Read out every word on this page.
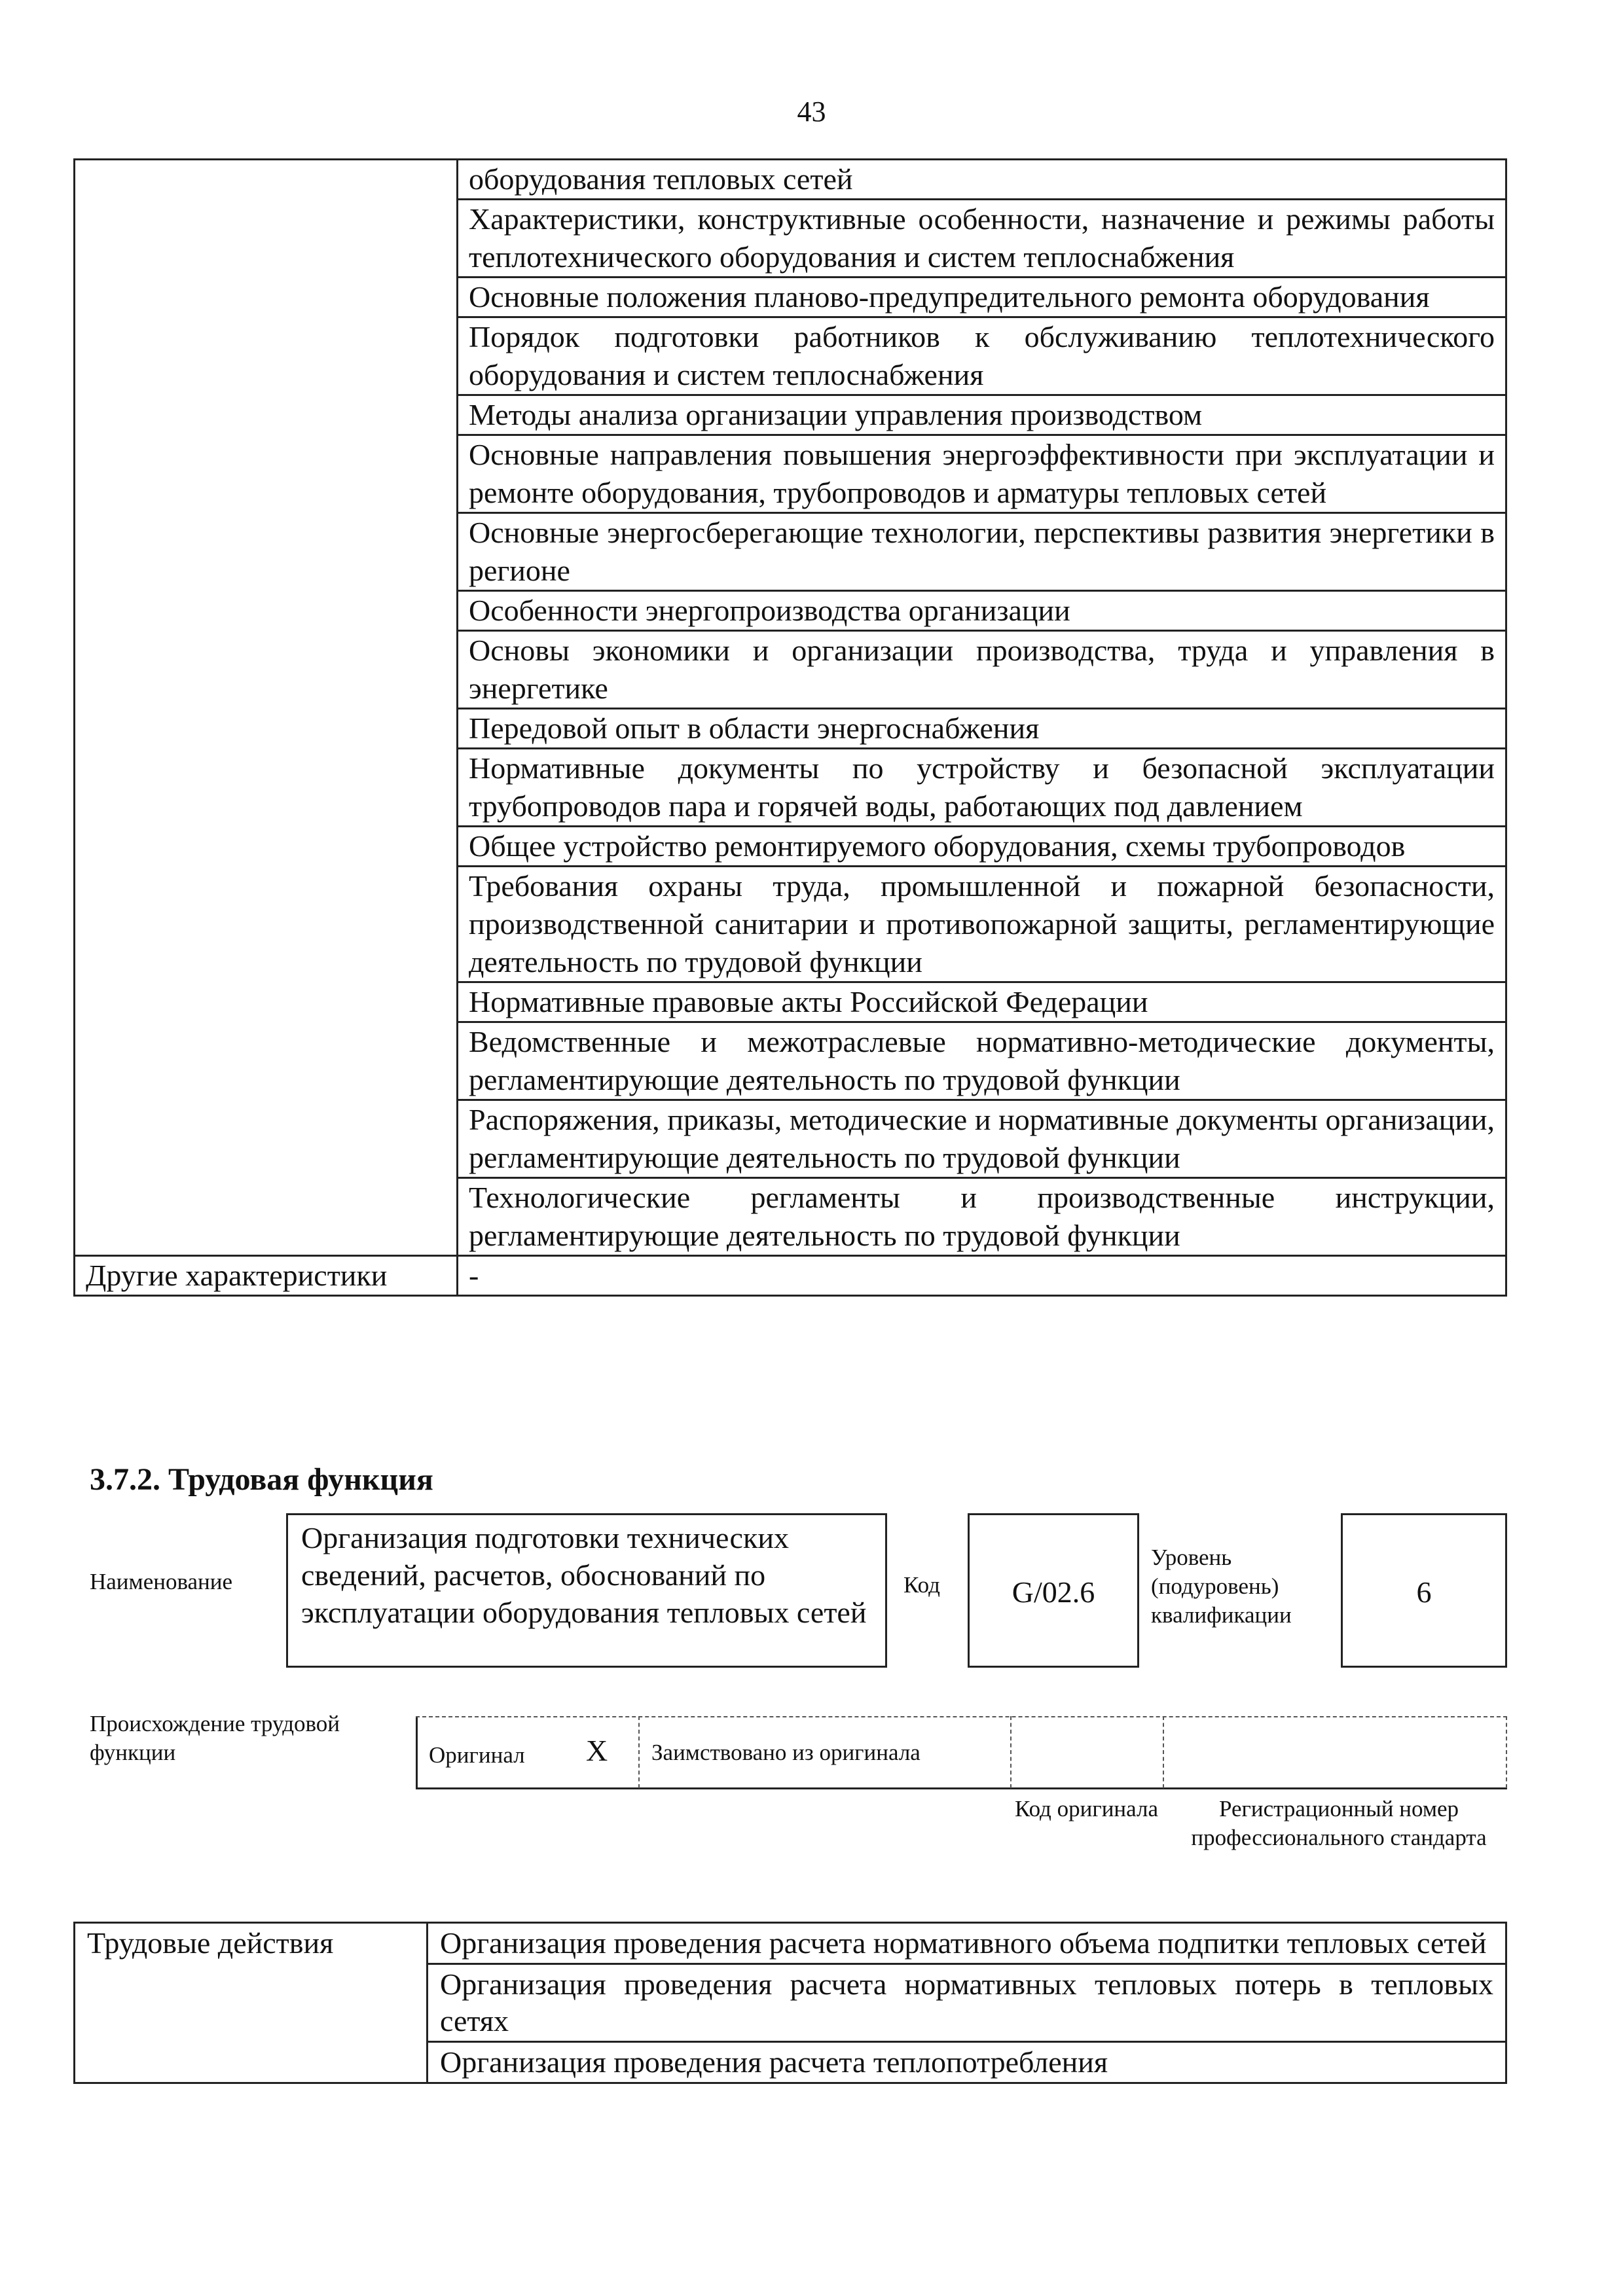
43
	оборудования тепловых сетей
	Характеристики, конструктивные особенности, назначение и режимы работы теплотехнического оборудования и систем теплоснабжения
	Основные положения планово-предупредительного ремонта оборудования
	Порядок подготовки работников к обслуживанию теплотехнического оборудования и систем теплоснабжения
	Методы анализа организации управления производством
	Основные направления повышения энергоэффективности при эксплуатации и ремонте оборудования, трубопроводов и арматуры тепловых сетей
	Основные энергосберегающие технологии, перспективы развития энергетики в регионе
	Особенности энергопроизводства организации
	Основы экономики и организации производства, труда и управления в энергетике
	Передовой опыт в области энергоснабжения
	Нормативные документы по устройству и безопасной эксплуатации трубопроводов пара и горячей воды, работающих под давлением
	Общее устройство ремонтируемого оборудования, схемы трубопроводов
	Требования охраны труда, промышленной и пожарной безопасности, производственной санитарии и противопожарной защиты, регламентирующие деятельность по трудовой функции
	Нормативные правовые акты Российской Федерации
	Ведомственные и межотраслевые нормативно-методические документы, регламентирующие деятельность по трудовой функции
	Распоряжения, приказы, методические и нормативные документы организации, регламентирующие деятельность по трудовой функции
	Технологические регламенты и производственные инструкции, регламентирующие деятельность по трудовой функции
Другие характеристики	-
3.7.2. Трудовая функция
Наименование
Организация подготовки технических сведений, расчетов, обоснований по эксплуатации оборудования тепловых сетей
Код	G/02.6
Уровень (подуровень) квалификации
6
Происхождение трудовой функции	Оригинал X Заимствовано из оригинала
Код оригинала	Регистрационный номер профессионального стандарта
Трудовые действия	Организация проведения расчета нормативного объема подпитки тепловых сетей
Организация проведения расчета нормативных тепловых потерь в тепловых сетях
Организация проведения расчета теплопотребления
